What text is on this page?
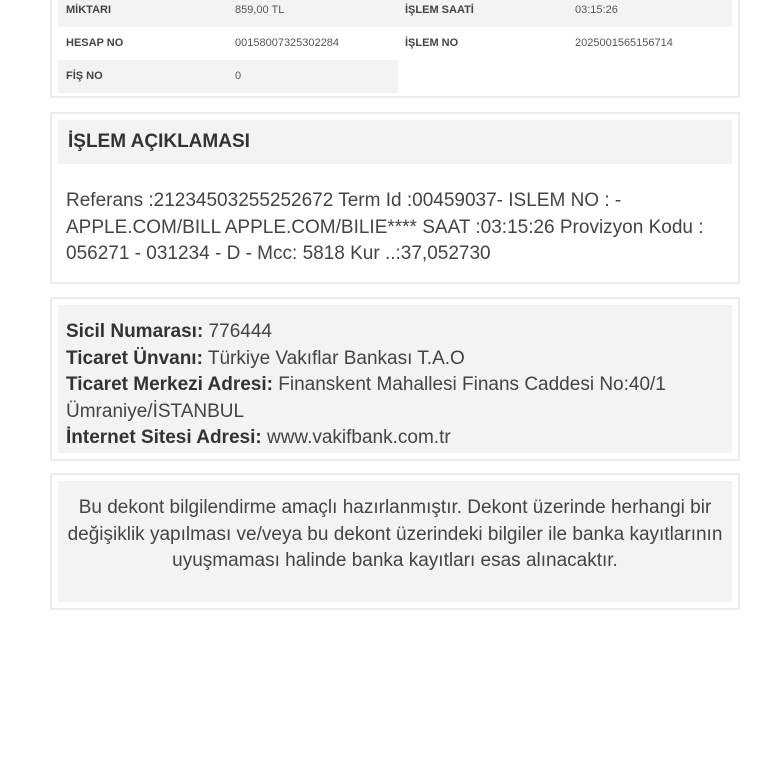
MİKTARI	859,00 TL	İŞLEM SAATİ	03:15:26
HESAP NO	00158007325302284	İŞLEM NO	2025001565156714
FİŞ NO	0
İŞLEM AÇIKLAMASI
Referans :21234503255252672 Term Id :00459037- ISLEM NO : - APPLE.COM/BILL APPLE.COM/BILIE**** SAAT :03:15:26 Provizyon Kodu : 056271 - 031234 - D - Mcc: 5818 Kur ..:37,052730
Sicil Numarası: 776444
Ticaret Ünvanı: Türkiye Vakıflar Bankası T.A.O
Ticaret Merkezi Adresi: Finanskent Mahallesi Finans Caddesi No:40/1 Ümraniye/İSTANBUL
İnternet Sitesi Adresi: www.vakifbank.com.tr
Bu dekont bilgilendirme amaçlı hazırlanmıştır. Dekont üzerinde herhangi bir değişiklik yapılması ve/veya bu dekont üzerindeki bilgiler ile banka kayıtlarının uyuşmaması halinde banka kayıtları esas alınacaktır.
